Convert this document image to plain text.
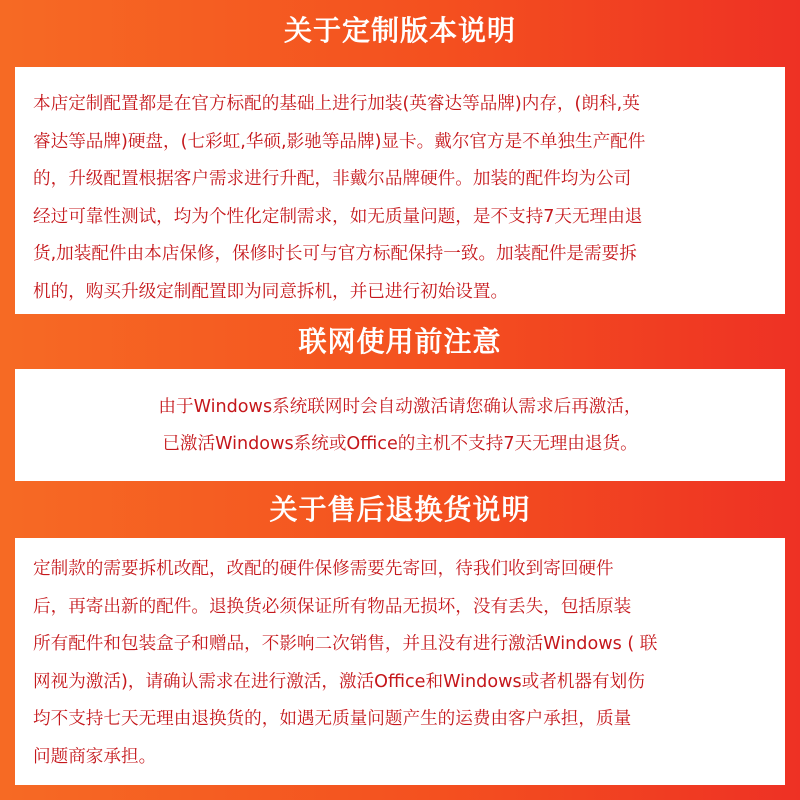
关于定制版本说明
本店定制配置都是在官方标配的基础上进行加装(英睿达等品牌)内存，(朗科,英
睿达等品牌)硬盘，(七彩虹,华硕,影驰等品牌)显卡。戴尔官方是不单独生产配件
的，升级配置根据客户需求进行升配，非戴尔品牌硬件。加装的配件均为公司
经过可靠性测试，均为个性化定制需求，如无质量问题，是不支持7天无理由退
货,加装配件由本店保修，保修时长可与官方标配保持一致。加装配件是需要拆
机的，购买升级定制配置即为同意拆机，并已进行初始设置。
联网使用前注意
由于Windows系统联网时会自动激活请您确认需求后再激活，
已激活Windows系统或Office的主机不支持7天无理由退货。
关于售后退换货说明
定制款的需要拆机改配，改配的硬件保修需要先寄回，待我们收到寄回硬件
后，再寄出新的配件。退换货必须保证所有物品无损坏，没有丢失，包括原装
所有配件和包装盒子和赠品，不影响二次销售，并且没有进行激活Windows ( 联
网视为激活)，请确认需求在进行激活，激活Office和Windows或者机器有划伤
均不支持七天无理由退换货的，如遇无质量问题产生的运费由客户承担，质量
问题商家承担。
